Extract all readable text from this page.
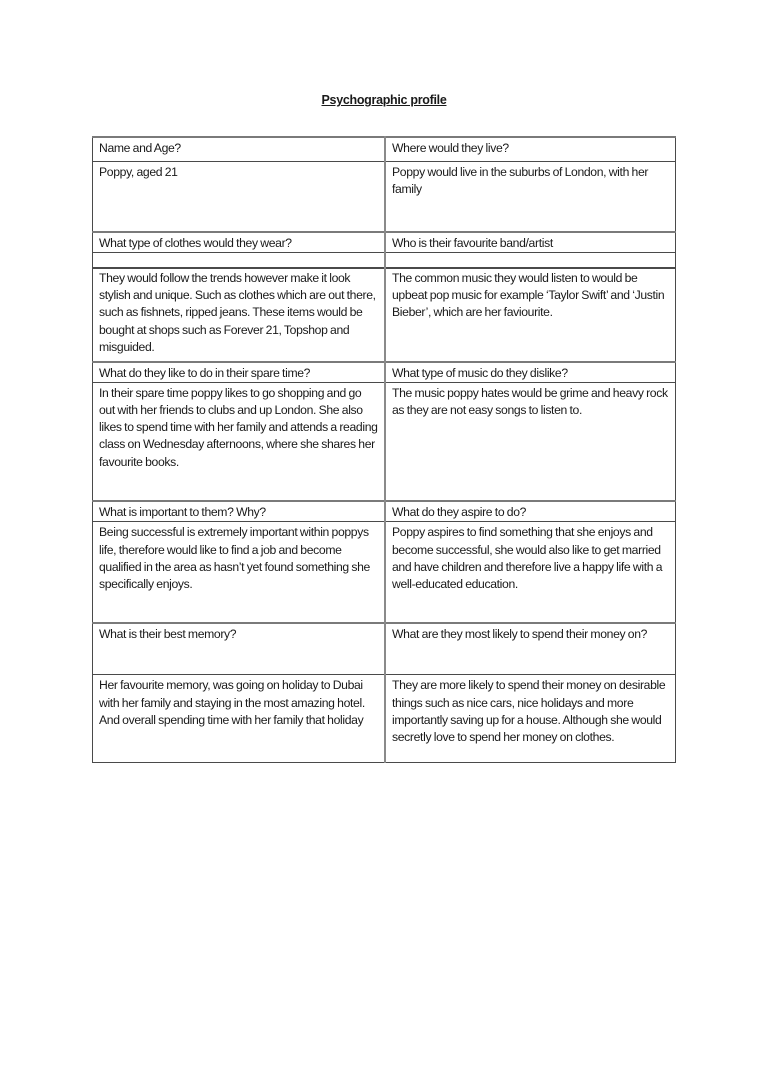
Psychographic profile
Name and Age?	Where would they live?
Poppy, aged 21	Poppy would live in the suburbs of London, with her family
What type of clothes would they wear?	Who is their favourite band/artist

They would follow the trends however make it look stylish and unique. Such as clothes which are out there, such as fishnets, ripped jeans. These items would be bought at shops such as Forever 21, Topshop and misguided.	The common music they would listen to would be upbeat pop music for example ‘Taylor Swift’ and ‘Justin Bieber’, which are her faviourite.
What do they like to do in their spare time?	What type of music do they dislike?
In their spare time poppy likes to go shopping and go out with her friends to clubs and up London. She also likes to spend time with her family and attends a reading class on Wednesday afternoons, where she shares her favourite books.	The music poppy hates would be grime and heavy rock as they are not easy songs to listen to.
What is important to them? Why?	What do they aspire to do?
Being successful is extremely important within poppys life, therefore would like to find a job and become qualified in the area as hasn’t yet found something she specifically enjoys.	Poppy aspires to find something that she enjoys and become successful, she would also like to get married and have children and therefore live a happy life with a well-educated education.
What is their best memory?	What are they most likely to spend their money on?
Her favourite memory, was going on holiday to Dubai with her family and staying in the most amazing hotel. And overall spending time with her family that holiday	They are more likely to spend their money on desirable things such as nice cars, nice holidays and more importantly saving up for a house. Although she would secretly love to spend her money on clothes.
